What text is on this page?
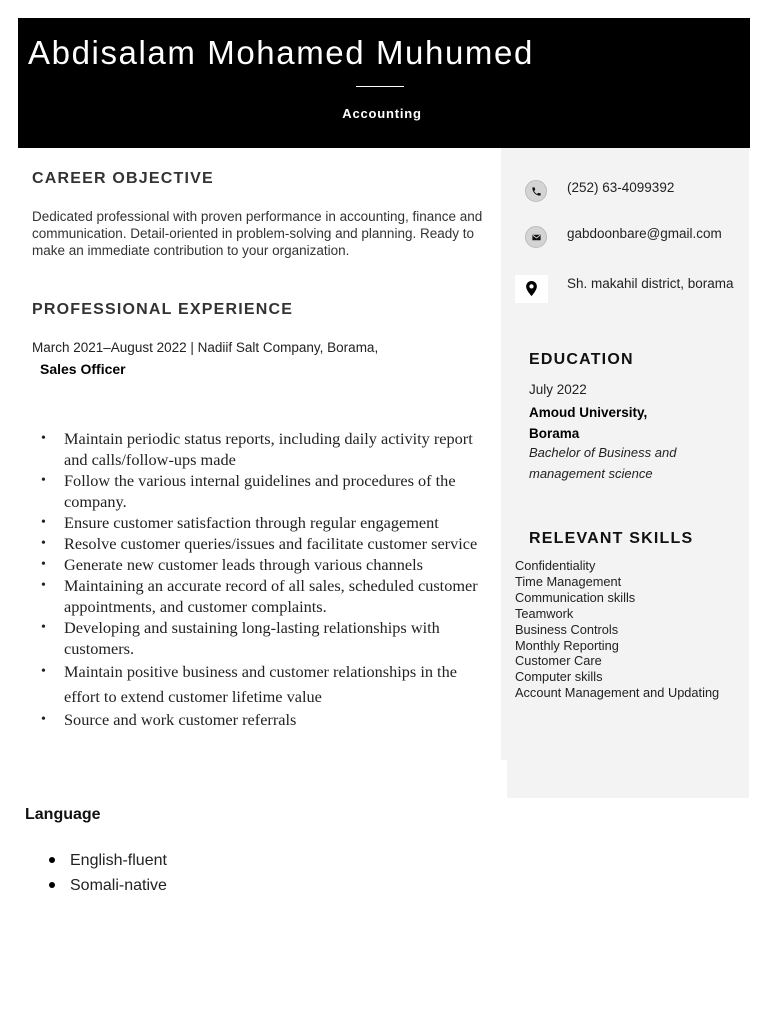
Abdisalam Mohamed Muhumed
Accounting
CAREER OBJECTIVE

Dedicated professional with proven performance in accounting, finance and communication. Detail-oriented in problem-solving and planning. Ready to make an immediate contribution to your organization.

PROFESSIONAL EXPERIENCE
March 2021–August 2022 | Nadiif Salt Company, Borama,
Sales Officer
• Maintain periodic status reports, including daily activity report and calls/follow-ups made
• Follow the various internal guidelines and procedures of the company.
• Ensure customer satisfaction through regular engagement
• Resolve customer queries/issues and facilitate customer service
• Generate new customer leads through various channels
• Maintaining an accurate record of all sales, scheduled customer appointments, and customer complaints.
• Developing and sustaining long-lasting relationships with customers.
• Maintain positive business and customer relationships in the effort to extend customer lifetime value
• Source and work customer referrals
Language
English-fluent
Somali-native
(252) 63-4099392
gabdoonbare@gmail.com
Sh. makahil district, borama
EDUCATION
July 2022
Amoud University, Borama
Bachelor of Business and management science
RELEVANT SKILLS
Confidentiality
Time Management
Communication skills
Teamwork
Business Controls
Monthly Reporting
Customer Care
Computer skills
Account Management and Updating
